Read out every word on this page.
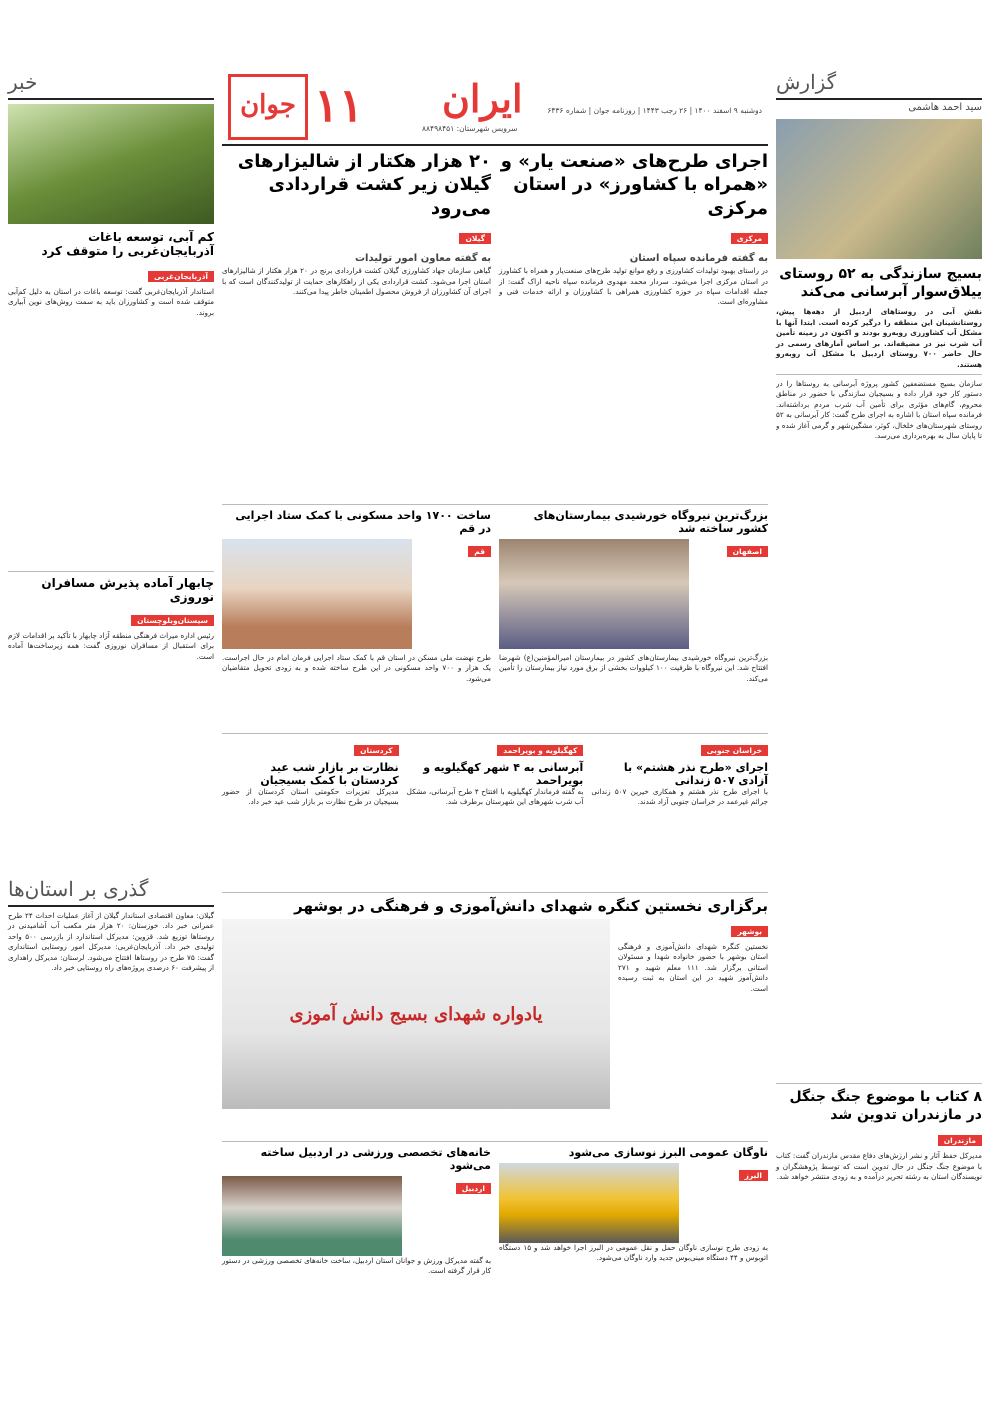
ایران
۱۱
جوان	دوشنبه ۹ اسفند ۱۴۰۰ | ۲۶ رجب ۱۴۴۳ | روزنامه جوان | شماره ۶۴۳۶
سرویس شهرستان: ۸۸۴۹۸۴۵۱
گزارش
سید احمد هاشمی
بسیج سازندگی به ۵۲ روستای ییلاق‌سوار آبرسانی می‌کند
نقش آبی در روستاهای اردبیل از دهه‌ها پیش، روستانشینان این منطقه را درگیر کرده است. ابتدا آنها با مشکل آب کشاورزی روبه‌رو بودند و اکنون در زمینه تأمین آب شرب نیز در مضیقه‌اند. بر اساس آمارهای رسمی در حال حاضر ۷۰۰ روستای اردبیل با مشکل آب روبه‌رو هستند.
سازمان بسیج مستضعفین کشور پروژه آبرسانی به روستاها را در دستور کار خود قرار داده و بسیجیان سازندگی با حضور در مناطق محروم، گام‌های مؤثری برای تأمین آب شرب مردم برداشته‌اند. فرمانده سپاه استان با اشاره به اجرای طرح گفت: کار آبرسانی به ۵۲ روستای شهرستان‌های خلخال، کوثر، مشگین‌شهر و گرمی آغاز شده و تا پایان سال به بهره‌برداری می‌رسد.
۸ کتاب با موضوع جنگ جنگل در مازندران تدوین شد
مازندران
مدیرکل حفظ آثار و نشر ارزش‌های دفاع مقدس مازندران گفت: کتاب با موضوع جنگ جنگل در حال تدوین است که توسط پژوهشگران و نویسندگان استان به رشته تحریر درآمده و به زودی منتشر خواهد شد.
اجرای طرح‌های «صنعت یار» و «همراه با کشاورز» در استان مرکزی
مرکزی
به گفته فرمانده سپاه استان
در راستای بهبود تولیدات کشاورزی و رفع موانع تولید طرح‌های صنعت‌یار و همراه با کشاورز در استان مرکزی اجرا می‌شود. سردار محمد مهدوی فرمانده سپاه ناحیه اراک گفت: از جمله اقدامات سپاه در حوزه کشاورزی همراهی با کشاورزان و ارائه خدمات فنی و مشاوره‌ای است.
۲۰ هزار هکتار از شالیزارهای گیلان زیر کشت قراردادی می‌رود
گیلان
به گفته معاون امور تولیدات
گیاهی سازمان جهاد کشاورزی گیلان کشت قراردادی برنج در ۲۰ هزار هکتار از شالیزارهای استان اجرا می‌شود. کشت قراردادی یکی از راهکارهای حمایت از تولیدکنندگان است که با اجرای آن کشاورزان از فروش محصول اطمینان خاطر پیدا می‌کنند.
بزرگ‌ترین نیروگاه خورشیدی بیمارستان‌های کشور ساخته شد
اصفهان
بزرگ‌ترین نیروگاه خورشیدی بیمارستان‌های کشور در بیمارستان امیرالمؤمنین(ع) شهرضا افتتاح شد. این نیروگاه با ظرفیت ۱۰۰ کیلووات بخشی از برق مورد نیاز بیمارستان را تأمین می‌کند.
ساخت ۱۷۰۰ واحد مسکونی با کمک ستاد اجرایی در قم
قم
طرح نهضت ملی مسکن در استان قم با کمک ستاد اجرایی فرمان امام در حال اجراست. یک هزار و ۷۰۰ واحد مسکونی در این طرح ساخته شده و به زودی تحویل متقاضیان می‌شود.
خراسان جنوبی
اجرای «طرح نذر هشتم» با آزادی ۵۰۷ زندانی
با اجرای طرح نذر هشتم و همکاری خیرین ۵۰۷ زندانی جرائم غیرعمد در خراسان جنوبی آزاد شدند.
کهگیلویه و بویراحمد
آبرسانی به ۴ شهر کهگیلویه و بویراحمد
به گفته فرماندار کهگیلویه با افتتاح ۴ طرح آبرسانی، مشکل آب شرب شهرهای این شهرستان برطرف شد.
کردستان
نظارت بر بازار شب عید کردستان با کمک بسیجیان
مدیرکل تعزیرات حکومتی استان کردستان از حضور بسیجیان در طرح نظارت بر بازار شب عید خبر داد.
برگزاری نخستین کنگره شهدای دانش‌آموزی و فرهنگی در بوشهر
بوشهر
نخستین کنگره شهدای دانش‌آموزی و فرهنگی استان بوشهر با حضور خانواده شهدا و مسئولان استانی برگزار شد. ۱۱۱ معلم شهید و ۲۷۱ دانش‌آموز شهید در این استان به ثبت رسیده است.
یادواره شهدای بسیج دانش آموزی
ناوگان عمومی البرز نوسازی می‌شود
البرز
به زودی طرح نوسازی ناوگان حمل و نقل عمومی در البرز اجرا خواهد شد و ۱۵ دستگاه اتوبوس و ۴۴ دستگاه مینی‌بوس جدید وارد ناوگان می‌شود.
خانه‌های تخصصی ورزشی در اردبیل ساخته می‌شود
اردبیل
به گفته مدیرکل ورزش و جوانان استان اردبیل، ساخت خانه‌های تخصصی ورزشی در دستور کار قرار گرفته است.
خبر
کم آبی، توسعه باغات آذربایجان‌غربی را متوقف کرد
آذربایجان‌غربی
استاندار آذربایجان‌غربی گفت: توسعه باغات در استان به دلیل کم‌آبی متوقف شده است و کشاورزان باید به سمت روش‌های نوین آبیاری بروند.
چابهار آماده پذیرش مسافران نوروزی
سیستان‌وبلوچستان
رئیس اداره میراث فرهنگی منطقه آزاد چابهار با تأکید بر اقدامات لازم برای استقبال از مسافران نوروزی گفت: همه زیرساخت‌ها آماده است.
گذری بر استان‌ها
گیلان: معاون اقتصادی استاندار گیلان از آغاز عملیات احداث ۲۴ طرح عمرانی خبر داد. خوزستان: ۲۰ هزار متر مکعب آب آشامیدنی در روستاها توزیع شد. قزوین: مدیرکل استاندارد از بازرسی ۵۰۰ واحد تولیدی خبر داد. آذربایجان‌غربی: مدیرکل امور روستایی استانداری گفت: ۷۵ طرح در روستاها افتتاح می‌شود. لرستان: مدیرکل راهداری از پیشرفت ۶۰ درصدی پروژه‌های راه روستایی خبر داد.
